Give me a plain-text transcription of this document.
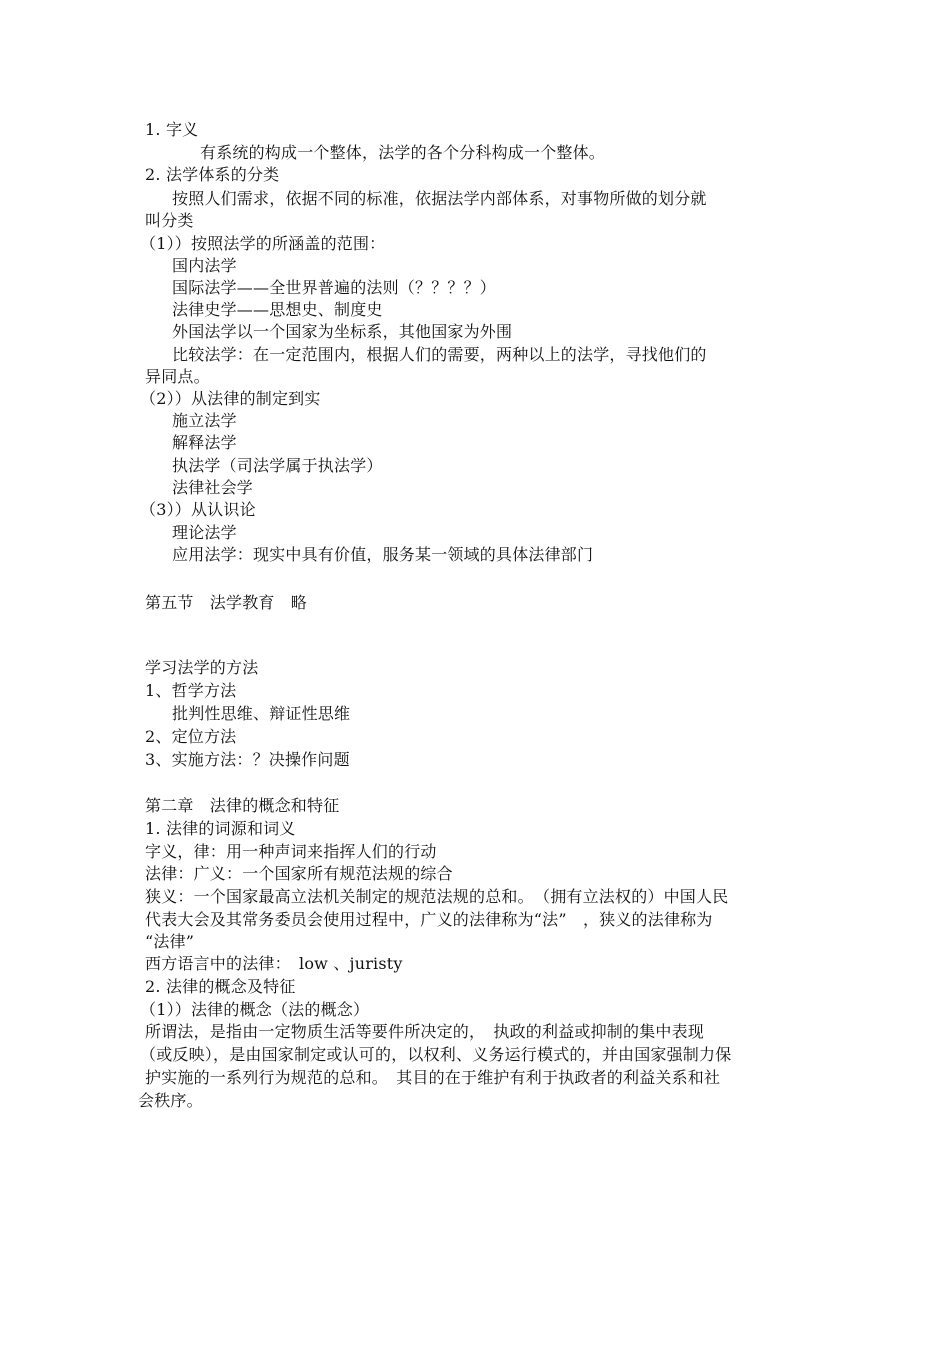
1. 字义
有系统的构成一个整体，法学的各个分科构成一个整体。
2. 法学体系的分类
按照人们需求，依据不同的标准，依据法学内部体系，对事物所做的划分就
叫分类
（1））按照法学的所涵盖的范围：
国内法学
国际法学——全世界普遍的法则（？？？？）
法律史学——思想史、制度史
外国法学以一个国家为坐标系，其他国家为外围
比较法学：在一定范围内，根据人们的需要，两种以上的法学，寻找他们的
异同点。
（2））从法律的制定到实
施立法学
解释法学
执法学（司法学属于执法学）
法律社会学
（3））从认识论
理论法学
应用法学：现实中具有价值，服务某一领域的具体法律部门
第五节　法学教育　略
学习法学的方法
1、哲学方法
批判性思维、辩证性思维
2、定位方法
3、实施方法：？决操作问题
第二章　法律的概念和特征
1. 法律的词源和词义
字义，律：用一种声词来指挥人们的行动
法律：广义：一个国家所有规范法规的综合
狭义：一个国家最高立法机关制定的规范法规的总和。　（拥有立法权的）中国人民
代表大会及其常务委员会使用过程中，广义的法律称为“法”　，狭义的法律称为
“法律”
西方语言中的法律：　low 、juristy
2. 法律的概念及特征
（1））法律的概念（法的概念）
所谓法，是指由一定物质生活等要件所决定的，　执政的利益或抑制的集中表现
（或反映），是由国家制定或认可的，以权利、义务运行模式的，并由国家强制力保
护实施的一系列行为规范的总和。　其目的在于维护有利于执政者的利益关系和社
会秩序。
